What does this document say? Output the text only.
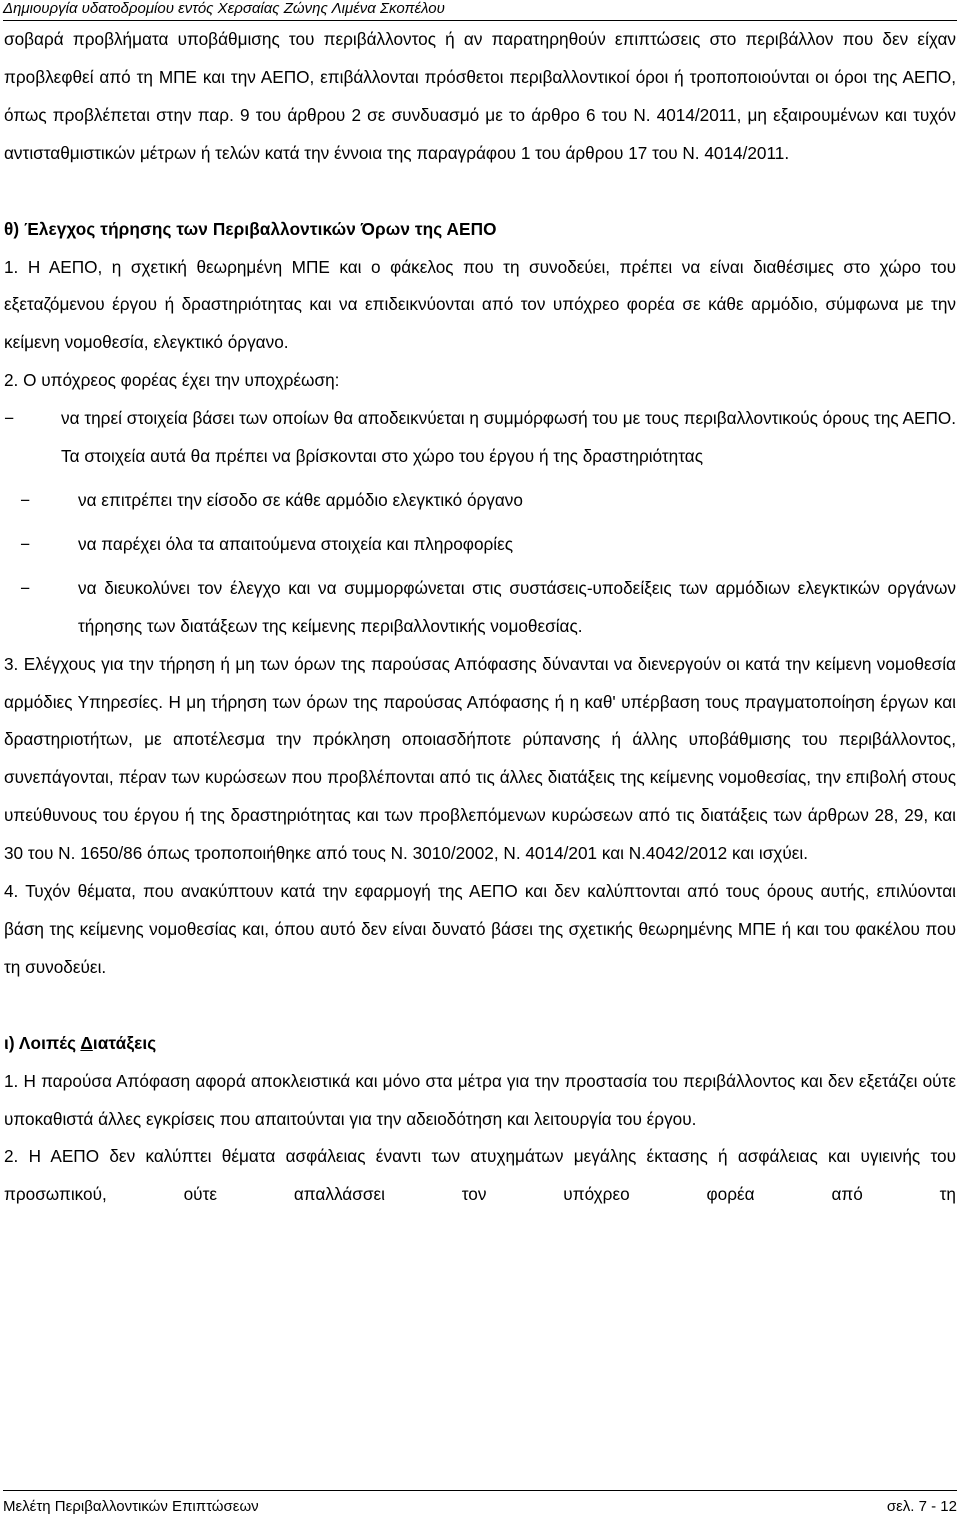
Δημιουργία υδατοδρομίου εντός Χερσαίας Ζώνης Λιμένα Σκοπέλου

σοβαρά προβλήματα υποβάθμισης του περιβάλλοντος ή αν παρατηρηθούν επιπτώσεις στο περιβάλλον που δεν είχαν προβλεφθεί από τη ΜΠΕ και την ΑΕΠΟ, επιβάλλονται πρόσθετοι περιβαλλοντικοί όροι ή τροποποιούνται οι όροι της ΑΕΠΟ, όπως προβλέπεται στην παρ. 9 του άρθρου 2 σε συνδυασμό με το άρθρο 6 του Ν. 4014/2011, μη εξαιρουμένων και τυχόν αντισταθμιστικών μέτρων ή τελών κατά την έννοια της παραγράφου 1 του άρθρου 17 του Ν. 4014/2011.

θ) Έλεγχος τήρησης των Περιβαλλοντικών Όρων της ΑΕΠΟ

1. Η ΑΕΠΟ, η σχετική θεωρημένη ΜΠΕ και ο φάκελος που τη συνοδεύει, πρέπει να είναι διαθέσιμες στο χώρο του εξεταζόμενου έργου ή δραστηριότητας και να επιδεικνύονται από τον υπόχρεο φορέα σε κάθε αρμόδιο, σύμφωνα με την κείμενη νομοθεσία, ελεγκτικό όργανο.

2. Ο υπόχρεος φορέας έχει την υποχρέωση:

−	να τηρεί στοιχεία βάσει των οποίων θα αποδεικνύεται η συμμόρφωσή του με τους περιβαλλοντικούς όρους της ΑΕΠΟ. Τα στοιχεία αυτά θα πρέπει να βρίσκονται στο χώρο του έργου ή της δραστηριότητας
−	να επιτρέπει την είσοδο σε κάθε αρμόδιο ελεγκτικό όργανο
−	να παρέχει όλα τα απαιτούμενα στοιχεία και πληροφορίες
−	να διευκολύνει τον έλεγχο και να συμμορφώνεται στις συστάσεις-υποδείξεις των αρμόδιων ελεγκτικών οργάνων τήρησης των διατάξεων της κείμενης περιβαλλοντικής νομοθεσίας.

3. Ελέγχους για την τήρηση ή μη των όρων της παρούσας Απόφασης δύνανται να διενεργούν οι κατά την κείμενη νομοθεσία αρμόδιες Υπηρεσίες. Η μη τήρηση των όρων της παρούσας Απόφασης ή η καθ' υπέρβαση τους πραγματοποίηση έργων και δραστηριοτήτων, με αποτέλεσμα την πρόκληση οποιασδήποτε ρύπανσης ή άλλης υποβάθμισης του περιβάλλοντος, συνεπάγονται, πέραν των κυρώσεων που προβλέπονται από τις άλλες διατάξεις της κείμενης νομοθεσίας, την επιβολή στους υπεύθυνους του έργου ή της δραστηριότητας και των προβλεπόμενων κυρώσεων από τις διατάξεις των άρθρων 28, 29, και 30 του Ν. 1650/86 όπως τροποποιήθηκε από τους Ν. 3010/2002, Ν. 4014/201 και Ν.4042/2012 και ισχύει.

4. Τυχόν θέματα, που ανακύπτουν κατά την εφαρμογή της ΑΕΠΟ και δεν καλύπτονται από τους όρους αυτής, επιλύονται βάση της κείμενης νομοθεσίας και, όπου αυτό δεν είναι δυνατό βάσει της σχετικής θεωρημένης ΜΠΕ ή και του φακέλου που τη συνοδεύει.

ι) Λοιπές Διατάξεις

1. Η παρούσα Απόφαση αφορά αποκλειστικά και μόνο στα μέτρα για την προστασία του περιβάλλοντος και δεν εξετάζει ούτε υποκαθιστά άλλες εγκρίσεις που απαιτούνται για την αδειοδότηση και λειτουργία του έργου.

2. Η ΑΕΠΟ δεν καλύπτει θέματα ασφάλειας έναντι των ατυχημάτων μεγάλης έκτασης ή ασφάλειας και υγιεινής του προσωπικού, ούτε απαλλάσσει τον υπόχρεο φορέα από τη

Μελέτη Περιβαλλοντικών Επιπτώσεων	σελ. 7 - 12
